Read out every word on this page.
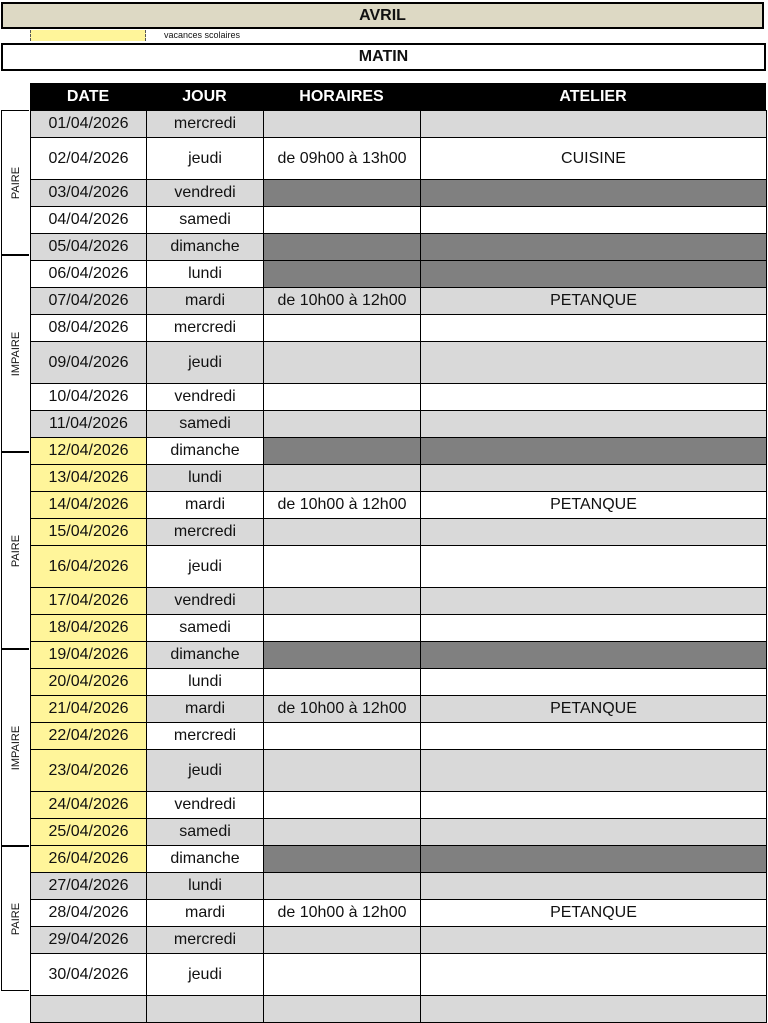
AVRIL
vacances scolaires
MATIN
DATE	JOUR	HORAIRES	ATELIER
PAIRE
IMPAIRE
PAIRE
IMPAIRE
PAIRE
01/04/2026	mercredi		
02/04/2026	jeudi	de 09h00 à 13h00	CUISINE
03/04/2026	vendredi		
04/04/2026	samedi		
05/04/2026	dimanche		
06/04/2026	lundi		
07/04/2026	mardi	de 10h00 à 12h00	PETANQUE
08/04/2026	mercredi		
09/04/2026	jeudi		
10/04/2026	vendredi		
11/04/2026	samedi		
12/04/2026	dimanche		
13/04/2026	lundi		
14/04/2026	mardi	de 10h00 à 12h00	PETANQUE
15/04/2026	mercredi		
16/04/2026	jeudi		
17/04/2026	vendredi		
18/04/2026	samedi		
19/04/2026	dimanche		
20/04/2026	lundi		
21/04/2026	mardi	de 10h00 à 12h00	PETANQUE
22/04/2026	mercredi		
23/04/2026	jeudi		
24/04/2026	vendredi		
25/04/2026	samedi		
26/04/2026	dimanche		
27/04/2026	lundi		
28/04/2026	mardi	de 10h00 à 12h00	PETANQUE
29/04/2026	mercredi		
30/04/2026	jeudi		
